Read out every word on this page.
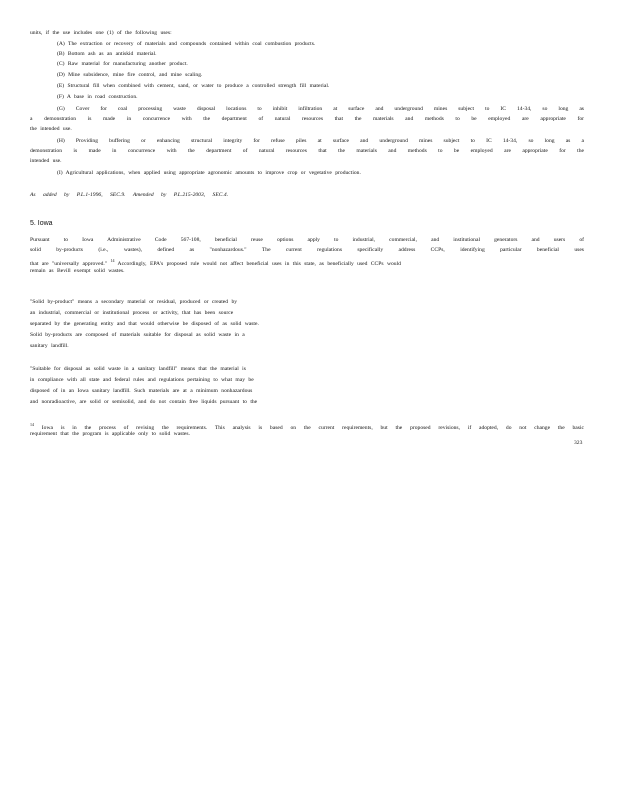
units, if the use includes one (1) of the following uses:
(A) The extraction or recovery of materials and compounds contained within coal combustion products.
(B) Bottom ash as an antiskid material.
(C) Raw material for manufacturing another product.
(D) Mine subsidence, mine fire control, and mine scaling.
(E) Structural fill when combined with cement, sand, or water to produce a controlled strength fill material.
(F) A base in road construction.
(G) Cover for coal processing waste disposal locations to inhibit infiltration at surface and underground mines subject to IC 14-34, so long as
a demonstration is made in concurrence with the department of natural resources that the materials and methods to be employed are appropriate for
the intended use.
(H) Providing buffering or enhancing structural integrity for refuse piles at surface and underground mines subject to IC 14-34, so long as a
demonstration is made in concurrence with the department of natural resources that the materials and methods to be employed are appropriate for the
intended use.
(I) Agricultural applications, when applied using appropriate agronomic amounts to improve crop or vegetative production.
As added by P.L.1-1996, SEC.9. Amended by P.L.215-2003, SEC.4.
5. Iowa
Pursuant to Iowa Administrative Code 567-108, beneficial reuse options apply to industrial, commercial, and institutional generators and users of
solid by-products (i.e., wastes), defined as "nonhazardous." The current regulations specifically address CCPs, identifying particular beneficial uses
that are "universally approved." $^{14}$ Accordingly, EPA's proposed rule would not affect beneficial uses in this state, as beneficially used CCPs would
remain as Bevill exempt solid wastes.
"Solid by-product" means a secondary material or residual, produced or created by
an industrial, commercial or institutional process or activity, that has been source
separated by the generating entity and that would otherwise be disposed of as solid waste.
Solid by-products are composed of materials suitable for disposal as solid waste in a
sanitary landfill.
"Suitable for disposal as solid waste in a sanitary landfill" means that the material is
in compliance with all state and federal rules and regulations pertaining to what may be
disposed of in an Iowa sanitary landfill. Such materials are at a minimum nonhazardous
and nonradioactive, are solid or semisolid, and do not contain free liquids pursuant to the
$^{14}$ Iowa is in the process of revising the requirements. This analysis is based on the current requirements, but the proposed revisions, if adopted, do not change the basic
requirement that the program is applicable only to solid wastes.
323
